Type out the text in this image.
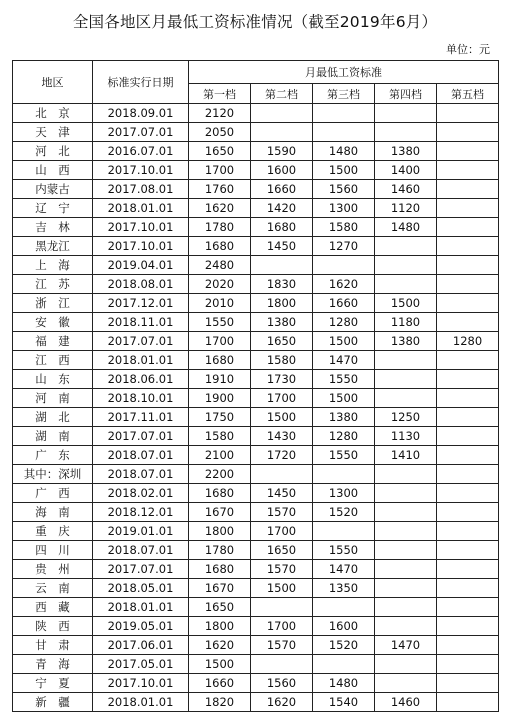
全国各地区月最低工资标准情况（截至2019年6月）
单位：元
地区	标准实行日期	月最低工资标准				
		第一档	第二档	第三档	第四档	第五档
北　京	2018.09.01	2120				
天　津	2017.07.01	2050				
河　北	2016.07.01	1650	1590	1480	1380	
山　西	2017.10.01	1700	1600	1500	1400	
内蒙古	2017.08.01	1760	1660	1560	1460	
辽　宁	2018.01.01	1620	1420	1300	1120	
吉　林	2017.10.01	1780	1680	1580	1480	
黑龙江	2017.10.01	1680	1450	1270		
上　海	2019.04.01	2480				
江　苏	2018.08.01	2020	1830	1620		
浙　江	2017.12.01	2010	1800	1660	1500	
安　徽	2018.11.01	1550	1380	1280	1180	
福　建	2017.07.01	1700	1650	1500	1380	1280
江　西	2018.01.01	1680	1580	1470		
山　东	2018.06.01	1910	1730	1550		
河　南	2018.10.01	1900	1700	1500		
湖　北	2017.11.01	1750	1500	1380	1250	
湖　南	2017.07.01	1580	1430	1280	1130	
广　东	2018.07.01	2100	1720	1550	1410	
其中：深圳	2018.07.01	2200				
广　西	2018.02.01	1680	1450	1300		
海　南	2018.12.01	1670	1570	1520		
重　庆	2019.01.01	1800	1700			
四　川	2018.07.01	1780	1650	1550		
贵　州	2017.07.01	1680	1570	1470		
云　南	2018.05.01	1670	1500	1350		
西　藏	2018.01.01	1650				
陕　西	2019.05.01	1800	1700	1600		
甘　肃	2017.06.01	1620	1570	1520	1470	
青　海	2017.05.01	1500				
宁　夏	2017.10.01	1660	1560	1480		
新　疆	2018.01.01	1820	1620	1540	1460	
